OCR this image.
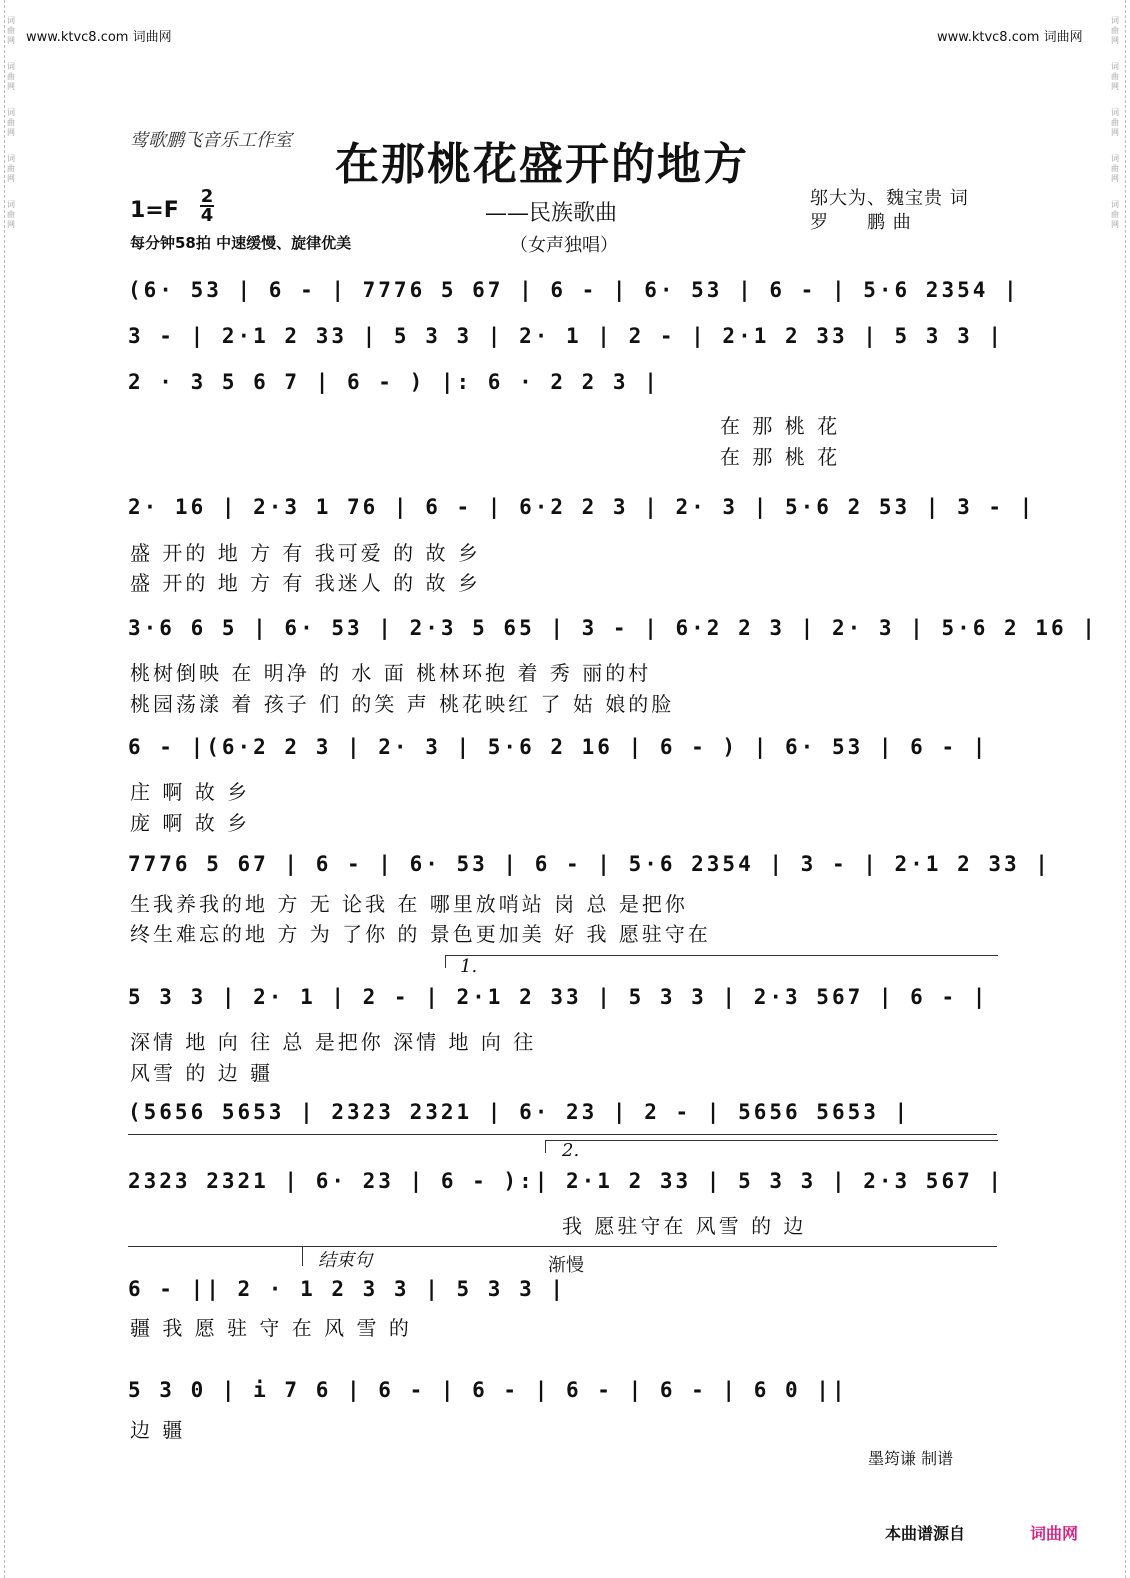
词曲网
词曲网
词曲网
词曲网
词曲网
词曲网
词曲网
词曲网
词曲网
词曲网
www.ktvc8.com 词曲网	www.ktvc8.com 词曲网
莺歌鹏飞音乐工作室 在那桃花盛开的地方
1=F
2
4
每分钟58拍 中速缓慢、旋律优美
——民族歌曲
（女声独唱）
邬大为、魏宝贵 词
罗　　鹏 曲
(6· 53 | 6 - | 7776 5 67 | 6 - | 6· 53 | 6 - | 5·6 2354 |
3 - | 2·1 2 33 | 5 3 3 | 2· 1 | 2 - | 2·1 2 33 | 5 3 3 |
2 · 3 5 6 7 | 6 - ) |: 6 · 2 2 3 |
在 那 桃 花
在 那 桃 花
2· 16 | 2·3 1 76 | 6 - | 6·2 2 3 | 2· 3 | 5·6 2 53 | 3 - |
盛 开的 地 方 有 我可爱 的 故 乡
盛 开的 地 方 有 我迷人 的 故 乡
3·6 6 5 | 6· 53 | 2·3 5 65 | 3 - | 6·2 2 3 | 2· 3 | 5·6 2 16 |
桃树倒映 在 明净 的 水 面 桃林环抱 着 秀 丽的村
桃园荡漾 着 孩子 们 的笑 声 桃花映红 了 姑 娘的脸
6 - |(6·2 2 3 | 2· 3 | 5·6 2 16 | 6 - ) | 6· 53 | 6 - |
庄 啊 故 乡
庞 啊 故 乡
7776 5 67 | 6 - | 6· 53 | 6 - | 5·6 2354 | 3 - | 2·1 2 33 |
生我养我的地 方 无 论我 在 哪里放哨站 岗 总 是把你
终生难忘的地 方 为 了你 的 景色更加美 好 我 愿驻守在
1.
5 3 3 | 2· 1 | 2 - | 2·1 2 33 | 5 3 3 | 2·3 567 | 6 - |
深情 地 向 往 总 是把你 深情 地 向 往
风雪 的 边 疆
(5656 5653 | 2323 2321 | 6· 23 | 2 - | 5656 5653 |
2.
2323 2321 | 6· 23 | 6 - ):| 2·1 2 33 | 5 3 3 | 2·3 567 |
我 愿驻守在 风雪 的 边
结束句	渐慢
6 - || 2 · 1 2 3 3 | 5 3 3 |
疆 我 愿 驻 守 在 风 雪 的
5 3 0 | i 7 6 | 6 - | 6 - | 6 - | 6 - | 6 0 ||
边 疆
墨筠谦 制谱
本曲谱源自	词曲网
